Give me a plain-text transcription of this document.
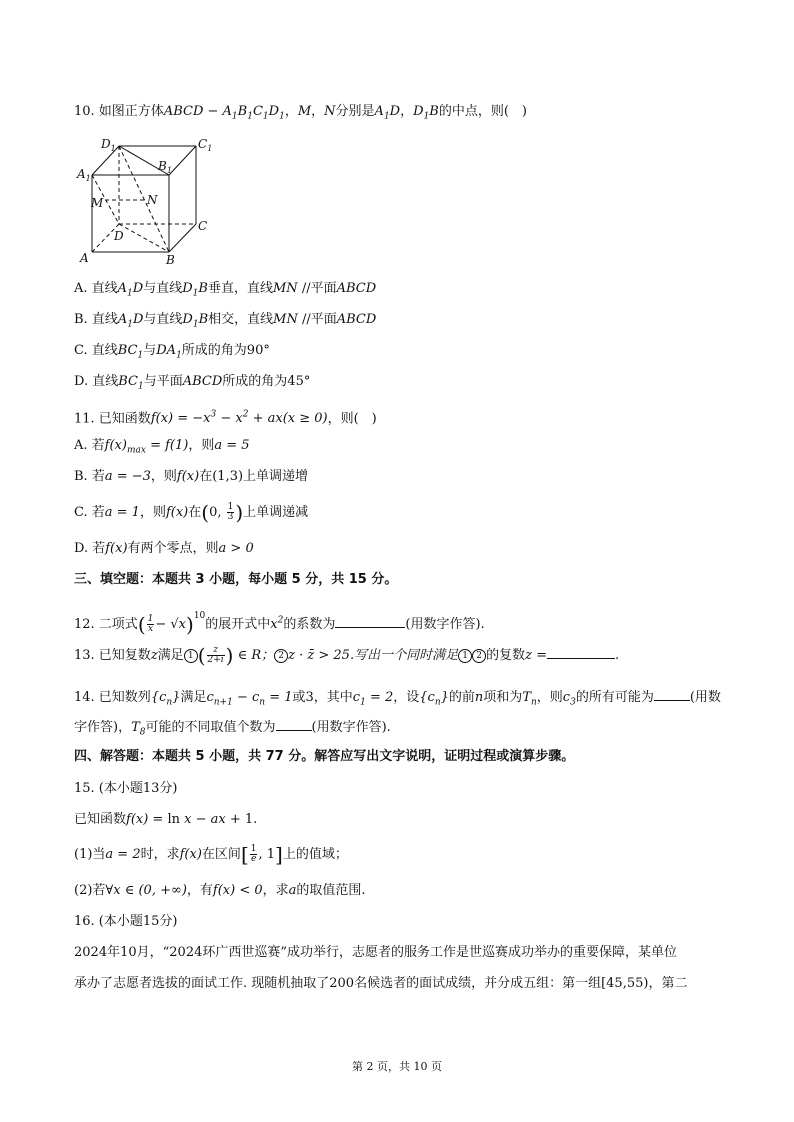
10. 如图正方体ABCD − $A_1B_1C_1D_1$，M，N分别是$A_1D$，$D_1B$的中点，则(　)
$D_1$	$C_1$
$B_1$
$A_1$
M	N
D
C
A	B
A. 直线$A_1D$与直线$D_1B$垂直，直线MN //平面ABCD
B. 直线$A_1D$与直线$D_1B$相交，直线MN //平面ABCD
C. 直线$BC_1$与$DA_1$所成的角为90°
D. 直线$BC_1$与平面ABCD所成的角为45°
11. 已知函数$f(x) = -x^3 - x^2 + ax(x \ge 0)$，则(　)
A. 若$f(x)_{max} = f(1)$，则a = 5
B. 若a = −3，则f(x)在(1,3)上单调递增
C. 若a = 1，则f(x)在(0, $\frac{1}{3}$ )上单调递减
D. 若f(x)有两个零点，则a > 0
三、填空题：本题共 3 小题，每小题 5 分，共 15 分。
12. 二项式( $\frac{1}{x} - √x)^{10}$的展开式中$x^2$的系数为	(用数字作答).
13. 已知复数z满足 1 ( $\frac{z}{2+i}$ ) ∈ R； 2 z · z̄ > 25.写出一个同时满足 1 2 的复数z =	.
14. 已知数列$\{c_n\}$满足$c_{n+1} - c_n = 1$或3，其中$c_1 = 2$，设$\{c_n\}$的前n项和为$T_n$，则$c_3$的所有可能为	(用数
字作答)，$T_8$可能的不同取值个数为	(用数字作答).
四、解答题：本题共 5 小题，共 77 分。解答应写出文字说明，证明过程或演算步骤。
15. (本小题13分)
已知函数f(x) = ln x − ax + 1.
(1)当a = 2时，求f(x)在区间[ $\frac{1}{e}$ , 1]上的值域；
(2)若∀x ∈ (0, +∞)，有f(x) < 0，求a的取值范围.
16. (本小题15分)
2024年10月，“2024环广西世巡赛”成功举行，志愿者的服务工作是世巡赛成功举办的重要保障，某单位
承办了志愿者选拔的面试工作. 现随机抽取了200名候选者的面试成绩，并分成五组：第一组[45,55)，第二
第 2 页，共 10 页
